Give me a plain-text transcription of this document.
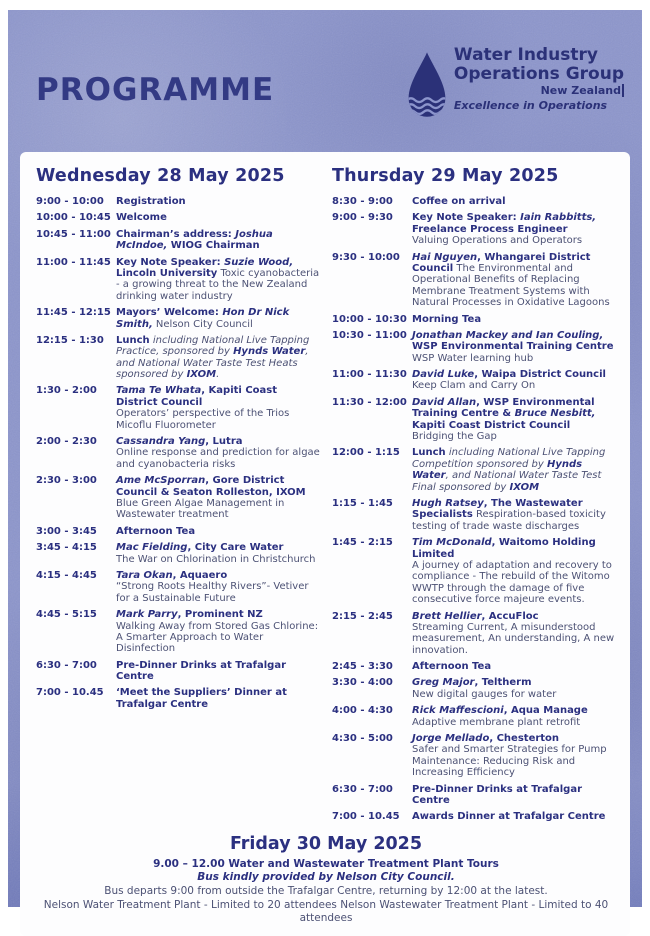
PROGRAMME
Water Industry
Operations Group
New Zealand
Excellence in Operations
Wednesday 28 May 2025
9:00 - 10:00	Registration
10:00 - 10:45 Welcome
10:45 - 11:00 Chairman’s address: Joshua McIndoe, WIOG Chairman
11:00 - 11:45 Key Note Speaker: Suzie Wood, Lincoln University Toxic cyanobacteria - a growing threat to the New Zealand drinking water industry
11:45 - 12:15 Mayors’ Welcome: Hon Dr Nick Smith, Nelson City Council
12:15 - 1:30	Lunch including National Live Tapping Practice, sponsored by Hynds Water, and National Water Taste Test Heats sponsored by IXOM.
1:30 - 2:00	Tama Te Whata, Kapiti Coast District Council
Operators’ perspective of the Trios Micoflu Fluorometer
2:00 - 2:30	Cassandra Yang, Lutra
Online response and prediction for algae and cyanobacteria risks
2:30 - 3:00	Ame McSporran, Gore District Council & Seaton Rolleston, IXOM
Blue Green Algae Management in Wastewater treatment
3:00 - 3:45	Afternoon Tea
3:45 - 4:15	Mac Fielding, City Care Water
The War on Chlorination in Christchurch
4:15 - 4:45	Tara Okan, Aquaero
“Strong Roots Healthy Rivers”- Vetiver for a Sustainable Future
4:45 - 5:15	Mark Parry, Prominent NZ
Walking Away from Stored Gas Chlorine: A Smarter Approach to Water Disinfection
6:30 - 7:00	Pre-Dinner Drinks at Trafalgar Centre
7:00 - 10.45	‘Meet the Suppliers’ Dinner at Trafalgar Centre
Thursday 29 May 2025
8:30 - 9:00	Coffee on arrival
9:00 - 9:30	Key Note Speaker: Iain Rabbitts, Freelance Process Engineer
Valuing Operations and Operators
9:30 - 10:00	Hai Nguyen, Whangarei District Council The Environmental and Operational Benefits of Replacing Membrane Treatment Systems with Natural Processes in Oxidative Lagoons
10:00 - 10:30 Morning Tea
10:30 - 11:00 Jonathan Mackey and Ian Couling, WSP Environmental Training Centre
WSP Water learning hub
11:00 - 11:30 David Luke, Waipa District Council
Keep Clam and Carry On
11:30 - 12:00 David Allan, WSP Environmental Training Centre & Bruce Nesbitt, Kapiti Coast District Council
Bridging the Gap
12:00 - 1:15	Lunch including National Live Tapping Competition sponsored by Hynds Water, and National Water Taste Test Final sponsored by IXOM
1:15 - 1:45	Hugh Ratsey, The Wastewater Specialists Respiration-based toxicity testing of trade waste discharges
1:45 - 2:15	Tim McDonald, Waitomo Holding Limited
A journey of adaptation and recovery to compliance - The rebuild of the Witomo WWTP through the damage of five consecutive force majeure events.
2:15 - 2:45	Brett Hellier, AccuFloc
Streaming Current, A misunderstood measurement, An understanding, A new innovation.
2:45 - 3:30	Afternoon Tea
3:30 - 4:00	Greg Major, Teltherm
New digital gauges for water
4:00 - 4:30	Rick Maffescioni, Aqua Manage
Adaptive membrane plant retrofit
4:30 - 5:00	Jorge Mellado, Chesterton
Safer and Smarter Strategies for Pump Maintenance: Reducing Risk and Increasing Efficiency
6:30 - 7:00	Pre-Dinner Drinks at Trafalgar Centre
7:00 - 10.45	Awards Dinner at Trafalgar Centre
Friday 30 May 2025
9.00 – 12.00 Water and Wastewater Treatment Plant Tours
Bus kindly provided by Nelson City Council.
Bus departs 9:00 from outside the Trafalgar Centre, returning by 12:00 at the latest.
Nelson Water Treatment Plant - Limited to 20 attendees Nelson Wastewater Treatment Plant - Limited to 40 attendees
